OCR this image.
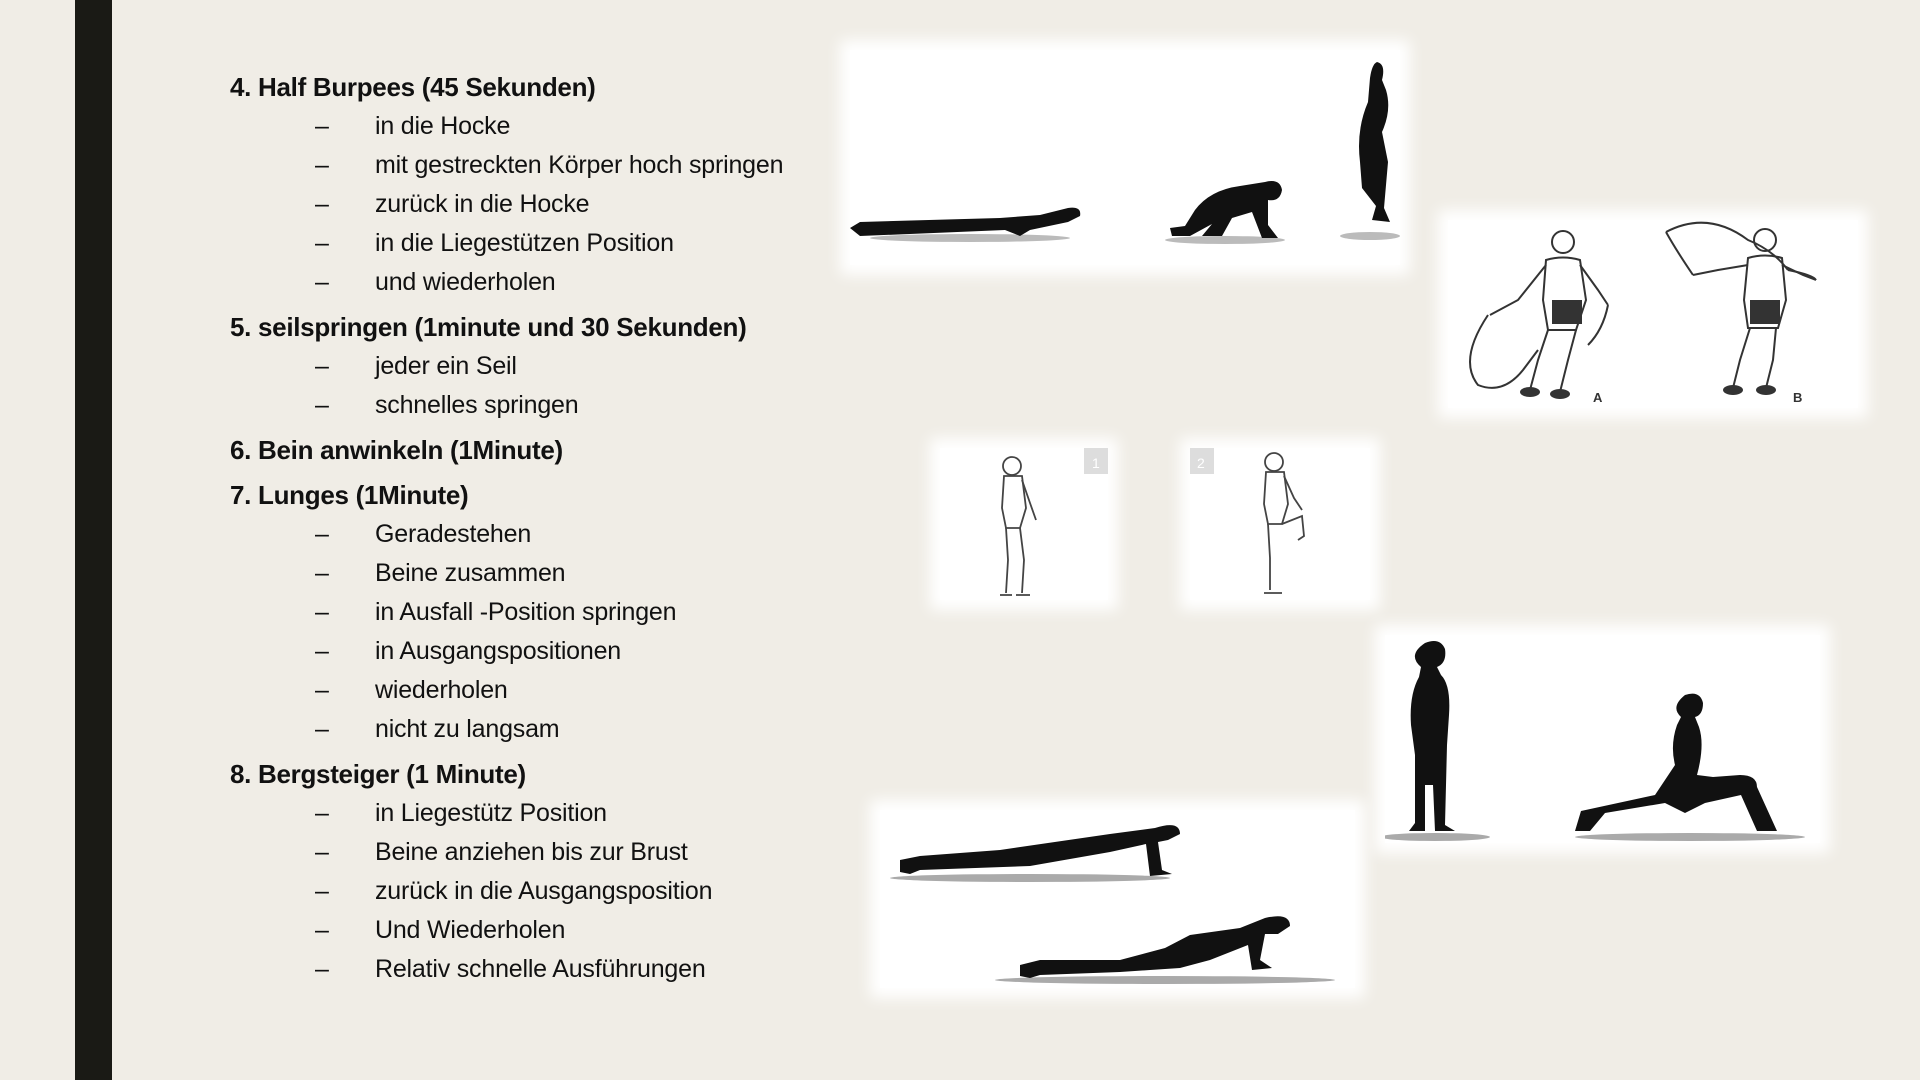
4. Half Burpees (45 Sekunden)
– in die Hocke
– mit gestreckten Körper hoch springen
– zurück in die Hocke
– in die Liegestützen Position
– und wiederholen
5. seilspringen (1minute und 30 Sekunden)
– jeder ein Seil
– schnelles springen
6. Bein anwinkeln (1Minute)
7. Lunges (1Minute)
– Geradestehen
– Beine zusammen
– in Ausfall -Position springen
– in Ausgangspositionen
– wiederholen
– nicht zu langsam
8. Bergsteiger (1 Minute)
– in Liegestütz Position
– Beine anziehen bis zur Brust
– zurück in die Ausgangsposition
– Und Wiederholen
– Relativ schnelle Ausführungen
A	B
1	2
